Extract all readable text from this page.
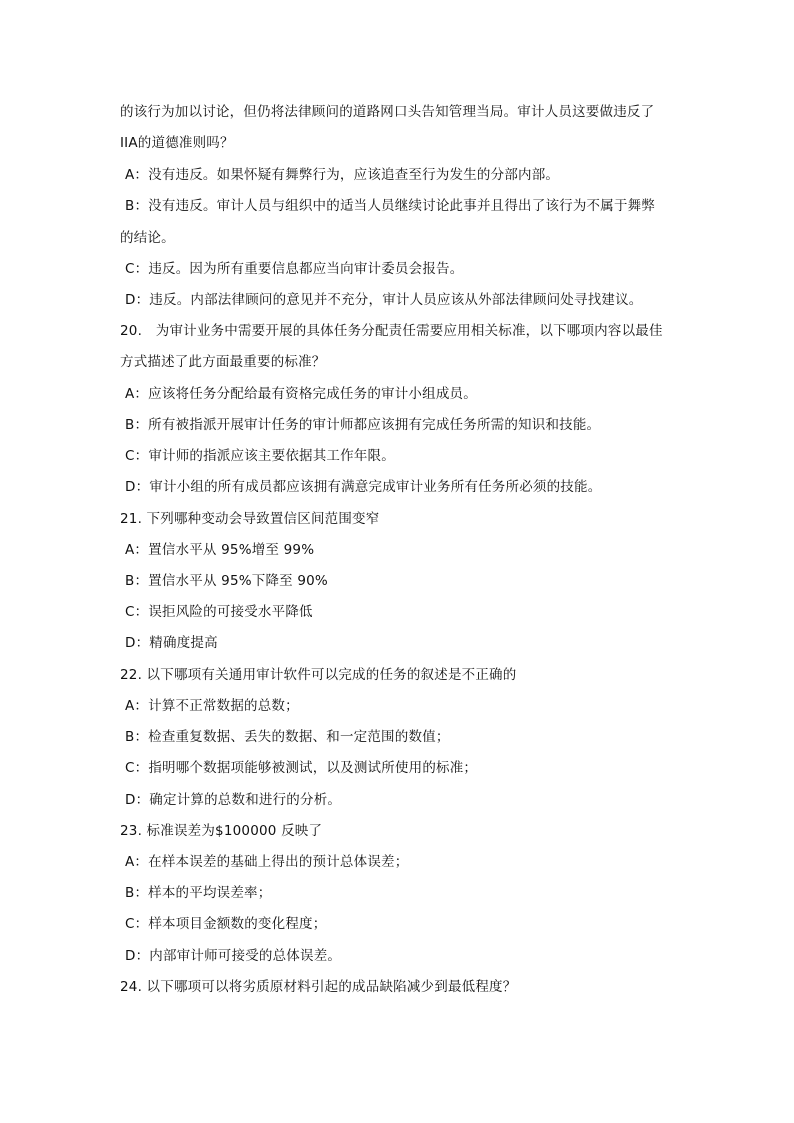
的该行为加以讨论，但仍将法律顾问的道路网口头告知管理当局。审计人员这要做违反了
IIA的道德准则吗？
A：没有违反。如果怀疑有舞弊行为，应该追查至行为发生的分部内部。
B：没有违反。审计人员与组织中的适当人员继续讨论此事并且得出了该行为不属于舞弊
的结论。
C：违反。因为所有重要信息都应当向审计委员会报告。
D：违反。内部法律顾问的意见并不充分，审计人员应该从外部法律顾问处寻找建议。
20.　为审计业务中需要开展的具体任务分配责任需要应用相关标准，以下哪项内容以最佳
方式描述了此方面最重要的标准？
A：应该将任务分配给最有资格完成任务的审计小组成员。
B：所有被指派开展审计任务的审计师都应该拥有完成任务所需的知识和技能。
C：审计师的指派应该主要依据其工作年限。
D：审计小组的所有成员都应该拥有满意完成审计业务所有任务所必须的技能。
21. 下列哪种变动会导致置信区间范围变窄
A：置信水平从 95%增至 99%
B：置信水平从 95%下降至 90%
C：误拒风险的可接受水平降低
D：精确度提高
22. 以下哪项有关通用审计软件可以完成的任务的叙述是不正确的
A：计算不正常数据的总数；
B：检查重复数据、丢失的数据、和一定范围的数值；
C：指明哪个数据项能够被测试，以及测试所使用的标准；
D：确定计算的总数和进行的分析。
23. 标准误差为$100000 反映了
A：在样本误差的基础上得出的预计总体误差；
B：样本的平均误差率；
C：样本项目金额数的变化程度；
D：内部审计师可接受的总体误差。
24. 以下哪项可以将劣质原材料引起的成品缺陷减少到最低程度？
